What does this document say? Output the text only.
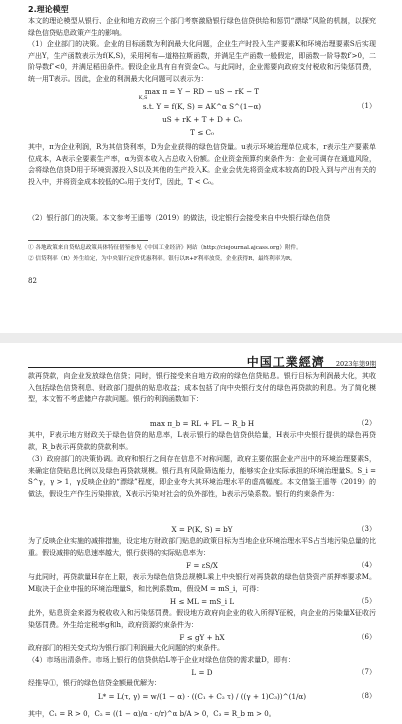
2.理论模型
本文的理论模型从银行、企业和地方政府三个部门考察激励银行绿色信贷供给和惩罚“漂绿”风险的机制，以探究绿色信贷贴息政策产生的影响。
（1）企业部门的决策。企业的目标函数为利润最大化问题，企业生产时投入生产要素K和环境治理要素S后实现产出Y，生产函数表示为f(K,S)，采用柯布—道格拉斯函数，并满足生产函数一般假定，即函数一阶导数f′>0，二阶导数f″<0，并满足稻田条件。假设企业具有自有资金C₀。与此同时，企业需要向政府支付税收和污染惩罚费，统一用T表示。因此，企业的利润最大化问题可以表示为：
max π = Y − RD − uS − rK − T
K,S
s.t. Y = f(K, S) = AK^α S^(1−α)	（1）
uS + rK + T + D + C₀
T ≤ C₀
其中，π为企业利润，R为其信贷利率，D为企业获得的绿色信贷量。u表示环境治理单位成本，r表示生产要素单位成本，A表示全要素生产率，α为资本收入占总收入份额。企业资金预算约束条件为：企业可调存在通道风险，会将绿色信贷D用于环境资源投入S以及其他的生产投入K。企业会优先将资金成本较高的D投入到与产出有关的投入中，并将资金成本较低的C₀用于支付T，因此，T < C₀。
（2）银行部门的决策。本文参考王遥等（2019）的做法，设定银行会接受来自中央银行绿色信贷
① 各地政策来自贷贴息政策具体特征借鉴参见《中国工业经济》网站（http://ciejournal.ajcass.org）附件。
② 信贷利率（R）外生给定，为中央银行定价优惠利率。银行以R+F利率放贷，企业获得R，最终利率为R。
82
中国工業經濟 2023年第9期
款再贷款，向企业发放绿色信贷；同时，银行接受来自地方政府的绿色信贷贴息。银行目标为利润最大化，其收入包括绿色信贷利息、财政部门提供的贴息收益；成本包括了向中央银行支付的绿色再贷款的利息。为了简化模型，本文暂不考虑储户存款问题。银行的利润函数如下：
max π_b = RL + FL − R_b H	（2）
其中，F表示地方财政关于绿色信贷的贴息率，L表示银行的绿色信贷供给量，H表示中央银行提供的绿色再贷款，R_b表示再贷款的贷款利率。
（3）政府部门的决策协调。政府和银行之间存在信息不对称问题，政府主要依据企业产出中的环境治理要素S，来确定信贷贴息比例以及绿色再贷款规模。银行具有风险筛选能力，能够实企业实际承担的环境治理量S。S_i = S^γ，γ > 1，γ反映企业的“漂绿”程度，即企业夸大其环境治理水平的虚高幅度。本文借鉴王遥等（2019）的做法，假设生产作生污染排放，X表示污染对社会的负外部性，b表示污染系数。银行的约束条件为：
X = P(K, S) = bY	（3）
为了反映企业实施的减排措施，设定地方财政部门贴息的政策目标为当地企业环境治理水平S占当地污染总量的比重。假设减排的贴息速率越大，银行获得的实际贴息率为：
F = εS/X	（4）
与此同时，再贷款量H存在上限，表示为绿色信贷总规模L乘上中央银行对再贷款的绿色信贷资产质押率要求M。M取决于企业申报的环境治理量S，和比例系数m，假设M = mS_i，可得：
H ≤ ML = mS_i L	（5）
此外，贴息资金来源为税收收入和污染惩罚费。假设地方政府向企业的收入所得Y征税，向企业的污染量X征收污染惩罚费。外生给定税率g和h，政府资源约束条件为：
F ≤ gY + hX	（6）
政府部门的相关变式均为银行部门利润最大化问题的约束条件。
（4）市场出清条件。市场上银行的信贷供给L等于企业对绿色信贷的需求量D，即有：
L = D	（7）
经推导①，银行的绿色信贷金额最优解为：
L* = L(τ, γ) = w/(1 − α) · ((C₁ + C₂ τ) / ((γ + 1)C₃))^(1/α)	（8）
其中，C₁ = R > 0，C₂ = ((1 − α)/α · c/r)^α b/A > 0，C₃ = R_b m > 0。
